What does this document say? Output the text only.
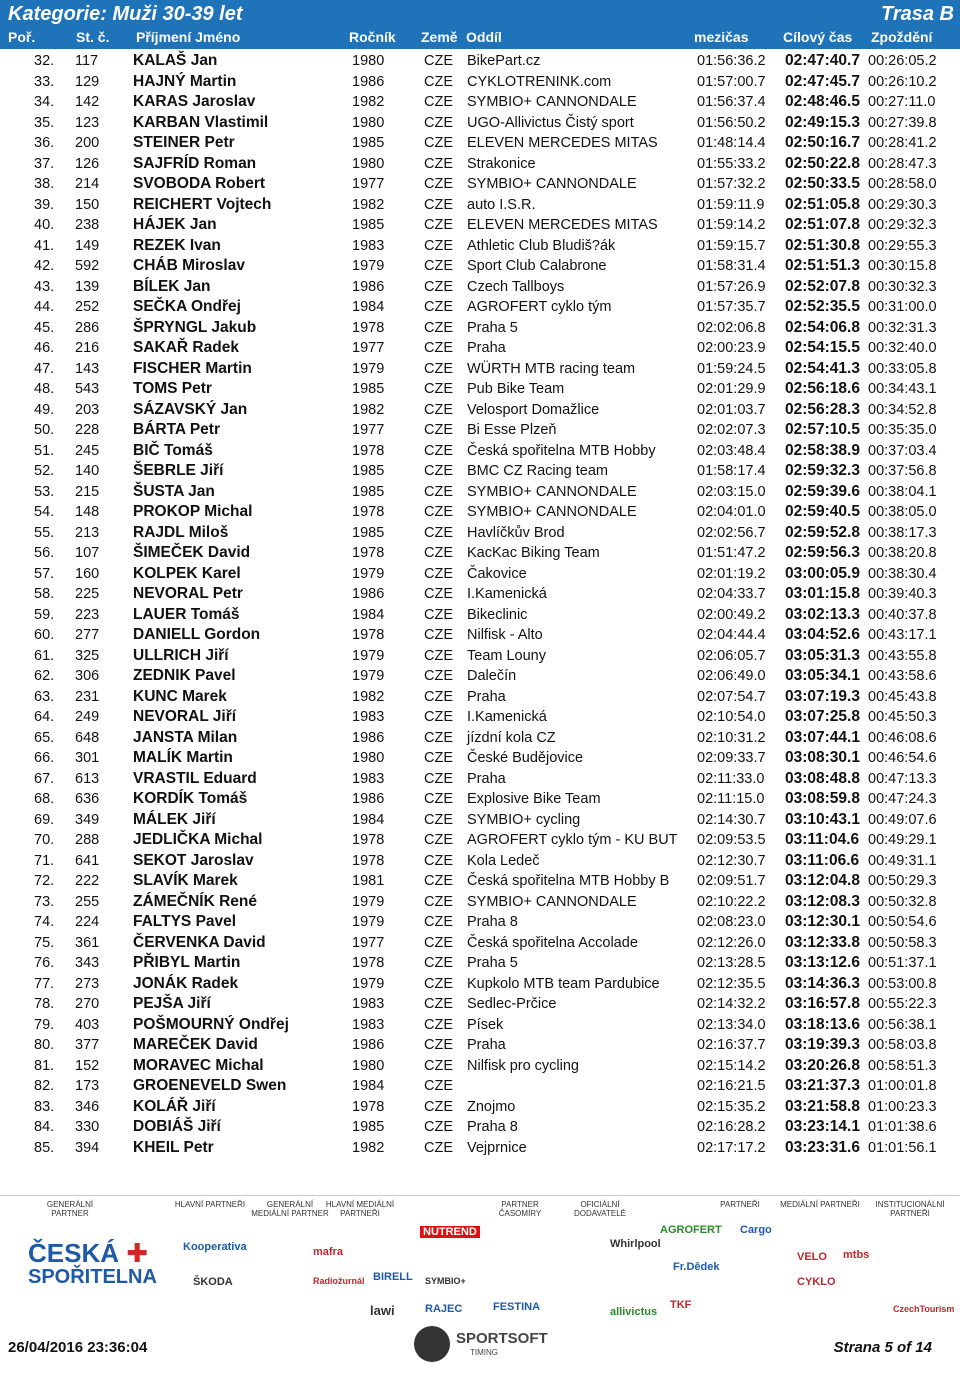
Kategorie: Muži 30-39 let	Trasa B
Poř.	St. č. Příjmení Jméno	Ročník Země Oddíl	mezičas Cílový čas Zpoždění
32. 117 KALAŠ Jan	1980	CZE BikePart.cz	01:56:36.2 02:47:40.7 00:26:05.2
33. 129 HAJNÝ Martin	1986	CZE CYKLOTRENINK.com	01:57:00.7 02:47:45.7 00:26:10.2
34. 142 KARAS Jaroslav	1982	CZE SYMBIO+ CANNONDALE	01:56:37.4 02:48:46.5 00:27:11.0
35. 123 KARBAN Vlastimil	1980	CZE UGO-Allivictus Čistý sport	01:56:50.2 02:49:15.3 00:27:39.8
36. 200 STEINER Petr	1985	CZE ELEVEN MERCEDES MITAS	01:48:14.4 02:50:16.7 00:28:41.2
37. 126 SAJFRÍD Roman	1980	CZE Strakonice	01:55:33.2 02:50:22.8 00:28:47.3
38. 214 SVOBODA Robert	1977	CZE SYMBIO+ CANNONDALE	01:57:32.2 02:50:33.5 00:28:58.0
39. 150 REICHERT Vojtech	1982	CZE auto I.S.R.	01:59:11.9 02:51:05.8 00:29:30.3
40. 238 HÁJEK Jan	1985	CZE ELEVEN MERCEDES MITAS	01:59:14.2 02:51:07.8 00:29:32.3
41. 149 REZEK Ivan	1983	CZE Athletic Club Bludiš?ák	01:59:15.7 02:51:30.8 00:29:55.3
42. 592 CHÁB Miroslav	1979	CZE Sport Club Calabrone	01:58:31.4 02:51:51.3 00:30:15.8
43. 139 BÍLEK Jan	1986	CZE Czech Tallboys	01:57:26.9 02:52:07.8 00:30:32.3
44. 252 SEČKA Ondřej	1984	CZE AGROFERT cyklo tým	01:57:35.7 02:52:35.5 00:31:00.0
45. 286 ŠPRYNGL Jakub	1978	CZE Praha 5	02:02:06.8 02:54:06.8 00:32:31.3
46. 216 SAKAŘ Radek	1977	CZE Praha	02:00:23.9 02:54:15.5 00:32:40.0
47. 143 FISCHER Martin	1979	CZE WÜRTH MTB racing team	01:59:24.5 02:54:41.3 00:33:05.8
48. 543 TOMS Petr	1985	CZE Pub Bike Team	02:01:29.9 02:56:18.6 00:34:43.1
49. 203 SÁZAVSKÝ Jan	1982	CZE Velosport Domažlice	02:01:03.7 02:56:28.3 00:34:52.8
50. 228 BÁRTA Petr	1977	CZE Bi Esse Plzeň	02:02:07.3 02:57:10.5 00:35:35.0
51. 245 BIČ Tomáš	1978	CZE Česká spořitelna MTB Hobby	02:03:48.4 02:58:38.9 00:37:03.4
52. 140 ŠEBRLE Jiří	1985	CZE BMC CZ Racing team	01:58:17.4 02:59:32.3 00:37:56.8
53. 215 ŠUSTA Jan	1985	CZE SYMBIO+ CANNONDALE	02:03:15.0 02:59:39.6 00:38:04.1
54. 148 PROKOP Michal	1978	CZE SYMBIO+ CANNONDALE	02:04:01.0 02:59:40.5 00:38:05.0
55. 213 RAJDL Miloš	1985	CZE Havlíčkův Brod	02:02:56.7 02:59:52.8 00:38:17.3
56. 107 ŠIMEČEK David	1978	CZE KacKac Biking Team	01:51:47.2 02:59:56.3 00:38:20.8
57. 160 KOLPEK Karel	1979	CZE Čakovice	02:01:19.2 03:00:05.9 00:38:30.4
58. 225 NEVORAL Petr	1986	CZE I.Kamenická	02:04:33.7 03:01:15.8 00:39:40.3
59. 223 LAUER Tomáš	1984	CZE Bikeclinic	02:00:49.2 03:02:13.3 00:40:37.8
60. 277 DANIELL Gordon	1978	CZE Nilfisk - Alto	02:04:44.4 03:04:52.6 00:43:17.1
61. 325 ULLRICH Jiří	1979	CZE Team Louny	02:06:05.7 03:05:31.3 00:43:55.8
62. 306 ZEDNIK Pavel	1979	CZE Dalečín	02:06:49.0 03:05:34.1 00:43:58.6
63. 231 KUNC Marek	1982	CZE Praha	02:07:54.7 03:07:19.3 00:45:43.8
64. 249 NEVORAL Jiří	1983	CZE I.Kamenická	02:10:54.0 03:07:25.8 00:45:50.3
65. 648 JANSTA Milan	1986	CZE jízdní kola CZ	02:10:31.2 03:07:44.1 00:46:08.6
66. 301 MALÍK Martin	1980	CZE České Budějovice	02:09:33.7 03:08:30.1 00:46:54.6
67. 613 VRASTIL Eduard	1983	CZE Praha	02:11:33.0 03:08:48.8 00:47:13.3
68. 636 KORDÍK Tomáš	1986	CZE Explosive Bike Team	02:11:15.0 03:08:59.8 00:47:24.3
69. 349 MÁLEK Jiří	1984	CZE SYMBIO+ cycling	02:14:30.7 03:10:43.1 00:49:07.6
70. 288 JEDLIČKA Michal	1978	CZE AGROFERT cyklo tým - KU BUT 02:09:53.5 03:11:04.6 00:49:29.1
71. 641 SEKOT Jaroslav	1978	CZE Kola Ledeč	02:12:30.7 03:11:06.6 00:49:31.1
72. 222 SLAVÍK Marek	1981	CZE Česká spořitelna MTB Hobby B 02:09:51.7 03:12:04.8 00:50:29.3
73. 255 ZÁMEČNÍK René	1979	CZE SYMBIO+ CANNONDALE	02:10:22.2 03:12:08.3 00:50:32.8
74. 224 FALTYS Pavel	1979	CZE Praha 8	02:08:23.0 03:12:30.1 00:50:54.6
75. 361 ČERVENKA David	1977	CZE Česká spořitelna Accolade	02:12:26.0 03:12:33.8 00:50:58.3
76. 343 PŘIBYL Martin	1978	CZE Praha 5	02:13:28.5 03:13:12.6 00:51:37.1
77. 273 JONÁK Radek	1979	CZE Kupkolo MTB team Pardubice	02:12:35.5 03:14:36.3 00:53:00.8
78. 270 PEJŠA Jiří	1983	CZE Sedlec-Prčice	02:14:32.2 03:16:57.8 00:55:22.3
79. 403 POŠMOURNÝ Ondřej	1983	CZE Písek	02:13:34.0 03:18:13.6 00:56:38.1
80. 377 MAREČEK David	1986	CZE Praha	02:16:37.7 03:19:39.3 00:58:03.8
81. 152 MORAVEC Michal	1980	CZE Nilfisk pro cycling	02:15:14.2 03:20:26.8 00:58:51.3
82. 173 GROENEVELD Swen	1984	CZE	02:16:21.5 03:21:37.3 01:00:01.8
83. 346 KOLÁŘ Jiří	1978	CZE Znojmo	02:15:35.2 03:21:58.8 01:00:23.3
84. 330 DOBIÁŠ Jiří	1985	CZE Praha 8	02:16:28.2 03:23:14.1 01:01:38.6
85. 394 KHEIL Petr	1982	CZE Vejprnice	02:17:17.2 03:23:31.6 01:01:56.1
GENERÁLNÍ PARTNER
HLAVNÍ PARTNEŘI	GENERÁLNÍ MEDIÁLNÍ PARTNER
HLAVNÍ MEDIÁLNÍ PARTNEŘI
PARTNER ČASOMÍRY
OFICIÁLNÍ DODAVATELÉ
PARTNEŘI	MEDIÁLNÍ PARTNEŘI	INSTITUCIONÁLNÍ PARTNEŘI
ČESKÁ ✚
SPOŘITELNA
Kooperativa
ŠKODA
mafra
Radiožurnál
NUTREND
BIRELL
lawi	RAJEC
SYMBIO+
FESTINA
Whirlpool
allivictus
AGROFERT Cargo
Fr.Dědek
TKF
VELO
CYKLO
mtbs
CzechTourism
26/04/2016 23:36:04
SPORTSOFT
TIMING	Strana 5 of 14
